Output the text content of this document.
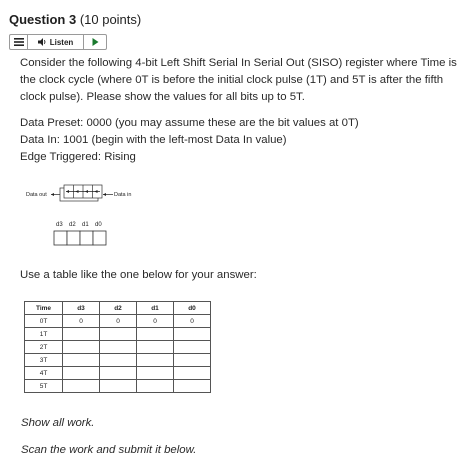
Question 3 (10 points)
Listen

Consider the following 4-bit Left Shift Serial In Serial Out (SISO) register where Time is the clock cycle (where 0T is before the initial clock pulse (1T) and 5T is after the fifth clock pulse). Please show the values for all bits up to 5T.

Data Preset: 0000 (you may assume these are the bit values at 0T)
Data In: 1001 (begin with the left-most Data In value)
Edge Triggered: Rising
Data out	Data in
d3 d2 d1 d0

Use a table like the one below for your answer:

Time	d3	d2	d1	d0
0T	0	0	0	0
1T				
2T				
3T				
4T				
5T				

Show all work.

Scan the work and submit it below.
